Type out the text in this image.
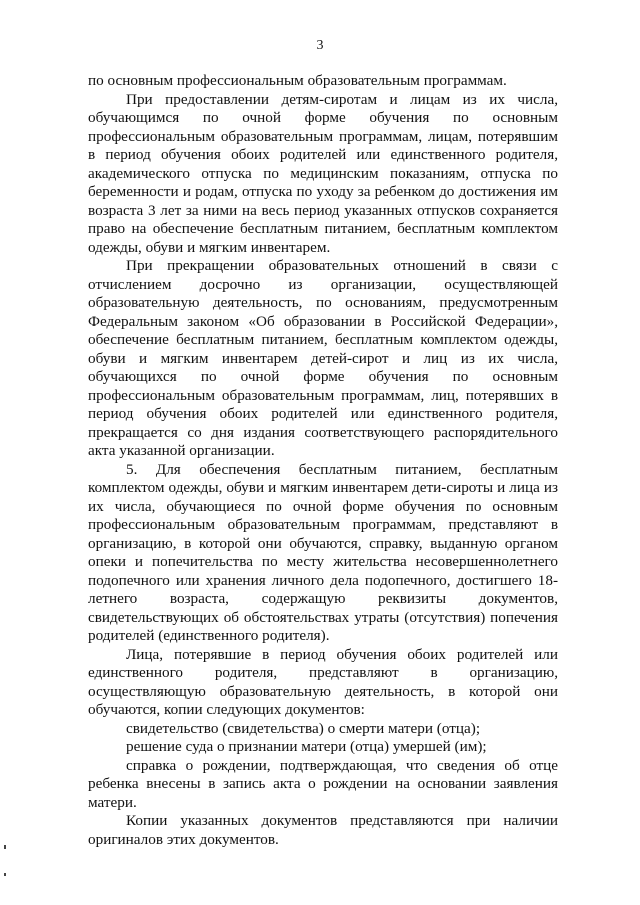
3

по основным профессиональным образовательным программам.

При предоставлении детям-сиротам и лицам из их числа, обучающимся по очной форме обучения по основным профессиональным образовательным программам, лицам, потерявшим в период обучения обоих родителей или единственного родителя, академического отпуска по медицинским показаниям, отпуска по беременности и родам, отпуска по уходу за ребенком до достижения им возраста 3 лет за ними на весь период указанных отпусков сохраняется право на обеспечение бесплатным питанием, бесплатным комплектом одежды, обуви и мягким инвентарем.

При прекращении образовательных отношений в связи с отчислением досрочно из организации, осуществляющей образовательную деятельность, по основаниям, предусмотренным Федеральным законом «Об образовании в Российской Федерации», обеспечение бесплатным питанием, бесплатным комплектом одежды, обуви и мягким инвентарем детей-сирот и лиц из их числа, обучающихся по очной форме обучения по основным профессиональным образовательным программам, лиц, потерявших в период обучения обоих родителей или единственного родителя, прекращается со дня издания соответствующего распорядительного акта указанной организации.

5. Для обеспечения бесплатным питанием, бесплатным комплектом одежды, обуви и мягким инвентарем дети-сироты и лица из их числа, обучающиеся по очной форме обучения по основным профессиональным образовательным программам, представляют в организацию, в которой они обучаются, справку, выданную органом опеки и попечительства по месту жительства несовершеннолетнего подопечного или хранения личного дела подопечного, достигшего 18-летнего возраста, содержащую реквизиты документов, свидетельствующих об обстоятельствах утраты (отсутствия) попечения родителей (единственного родителя).

Лица, потерявшие в период обучения обоих родителей или единственного родителя, представляют в организацию, осуществляющую образовательную деятельность, в которой они обучаются, копии следующих документов:

свидетельство (свидетельства) о смерти матери (отца);

решение суда о признании матери (отца) умершей (им);

справка о рождении, подтверждающая, что сведения об отце ребенка внесены в запись акта о рождении на основании заявления матери.

Копии указанных документов представляются при наличии оригиналов этих документов.
